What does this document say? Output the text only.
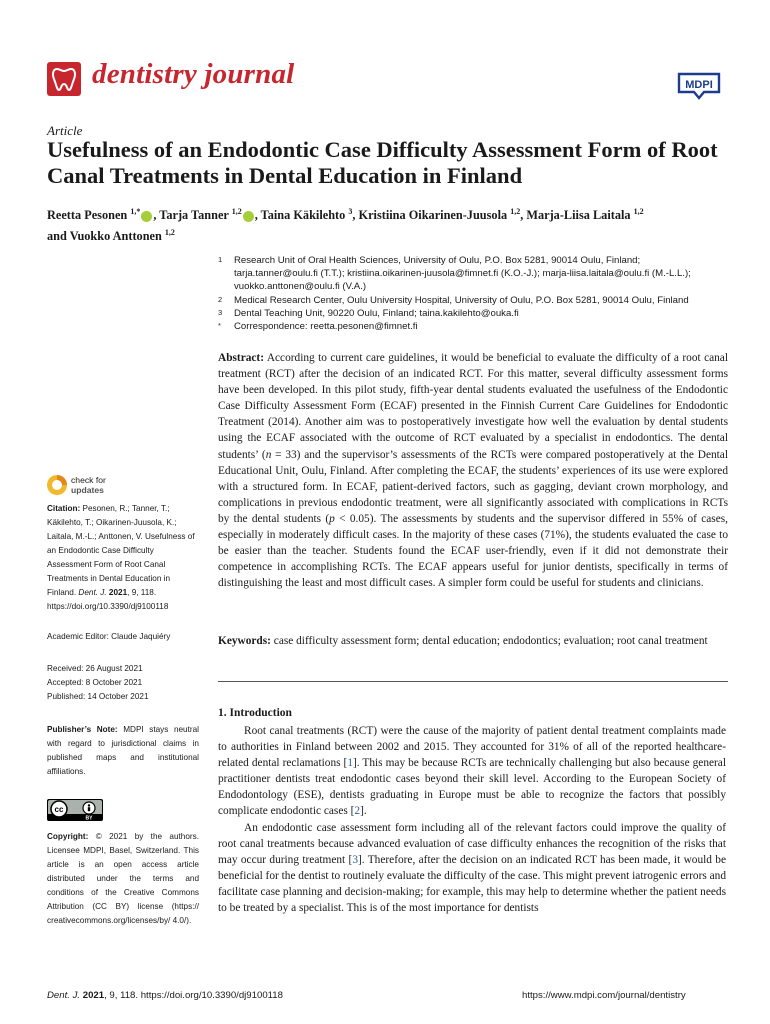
dentistry journal	MDPI
Article
Usefulness of an Endodontic Case Difficulty Assessment Form of Root Canal Treatments in Dental Education in Finland
Reetta Pesonen $^{1,*}$ , Tarja Tanner $^{1,2}$ , Taina Käkilehto $^3$, Kristiina Oikarinen-Juusola $^{1,2}$, Marja-Liisa Laitala $^{1,2}$
and Vuokko Anttonen $^{1,2}$
1 Research Unit of Oral Health Sciences, University of Oulu, P.O. Box 5281, 90014 Oulu, Finland;
tarja.tanner@oulu.fi (T.T.); kristiina.oikarinen-juusola@fimnet.fi (K.O.-J.); marja-liisa.laitala@oulu.fi (M.-L.L.);
vuokko.anttonen@oulu.fi (V.A.)
2 Medical Research Center, Oulu University Hospital, University of Oulu, P.O. Box 5281, 90014 Oulu, Finland
3 Dental Teaching Unit, 90220 Oulu, Finland; taina.kakilehto@ouka.fi
* Correspondence: reetta.pesonen@fimnet.fi
Abstract: According to current care guidelines, it would be beneficial to evaluate the difficulty of a root canal treatment (RCT) after the decision of an indicated RCT. For this matter, several difficulty assessment forms have been developed. In this pilot study, fifth-year dental students evaluated the usefulness of the Endodontic Case Difficulty Assessment Form (ECAF) presented in the Finnish Current Care Guidelines for Endodontic Treatment (2014). Another aim was to postoperatively investigate how well the evaluation by dental students using the ECAF associated with the outcome of RCT evaluated by a specialist in endodontics. The dental students’ (n = 33) and the supervisor’s assessments of the RCTs were compared postoperatively at the Dental Educational Unit, Oulu, Finland. After completing the ECAF, the students’ experiences of its use were explored with a structured form. In ECAF, patient-derived factors, such as gagging, deviant crown morphology, and complications in previous endodontic treatment, were all significantly associated with complications in RCTs by the dental students (p < 0.05). The assessments by students and the supervisor differed in 55% of cases, especially in moderately difficult cases. In the majority of these cases (71%), the students evaluated the case to be easier than the teacher. Students found the ECAF user-friendly, even if it did not demonstrate their competence in accomplishing RCTs. The ECAF appears useful for junior dentists, specifically in terms of distinguishing the least and most difficult cases. A simpler form could be useful for students and clinicians.
Keywords: case difficulty assessment form; dental education; endodontics; evaluation; root canal treatment
1. Introduction

Root canal treatments (RCT) were the cause of the majority of patient dental treatment complaints made to authorities in Finland between 2002 and 2015. They accounted for 31% of all of the reported healthcare-related dental reclamations [1]. This may be because RCTs are technically challenging but also because general practitioner dentists treat endodontic cases beyond their skill level. According to the European Society of Endodontology (ESE), dentists graduating in Europe must be able to recognize the factors that possibly complicate endodontic cases [2].

An endodontic case assessment form including all of the relevant factors could improve the quality of root canal treatments because advanced evaluation of case difficulty enhances the recognition of the risks that may occur during treatment [3]. Therefore, after the decision on an indicated RCT has been made, it would be beneficial for the dentist to routinely evaluate the difficulty of the case. This might prevent iatrogenic errors and facilitate case planning and decision-making; for example, this may help to determine whether the patient needs to be treated by a specialist. This is of the most importance for dentists

check for
updates
Citation: Pesonen, R.; Tanner, T.; Käkilehto, T.; Oikarinen-Juusola, K.; Laitala, M.-L.; Anttonen, V. Usefulness of an Endodontic Case Difficulty Assessment Form of Root Canal Treatments in Dental Education in Finland. Dent. J. 2021, 9, 118.
https://doi.org/10.3390/dj9100118
Academic Editor: Claude Jaquiéry
Received: 26 August 2021
Accepted: 8 October 2021
Published: 14 October 2021
Publisher’s Note: MDPI stays neutral with regard to jurisdictional claims in published maps and institutional affiliations.
cc
BY
Copyright: © 2021 by the authors. Licensee MDPI, Basel, Switzerland. This article is an open access article distributed under the terms and conditions of the Creative Commons Attribution (CC BY) license (https:// creativecommons.org/licenses/by/ 4.0/).
Dent. J. 2021, 9, 118. https://doi.org/10.3390/dj9100118	https://www.mdpi.com/journal/dentistry
